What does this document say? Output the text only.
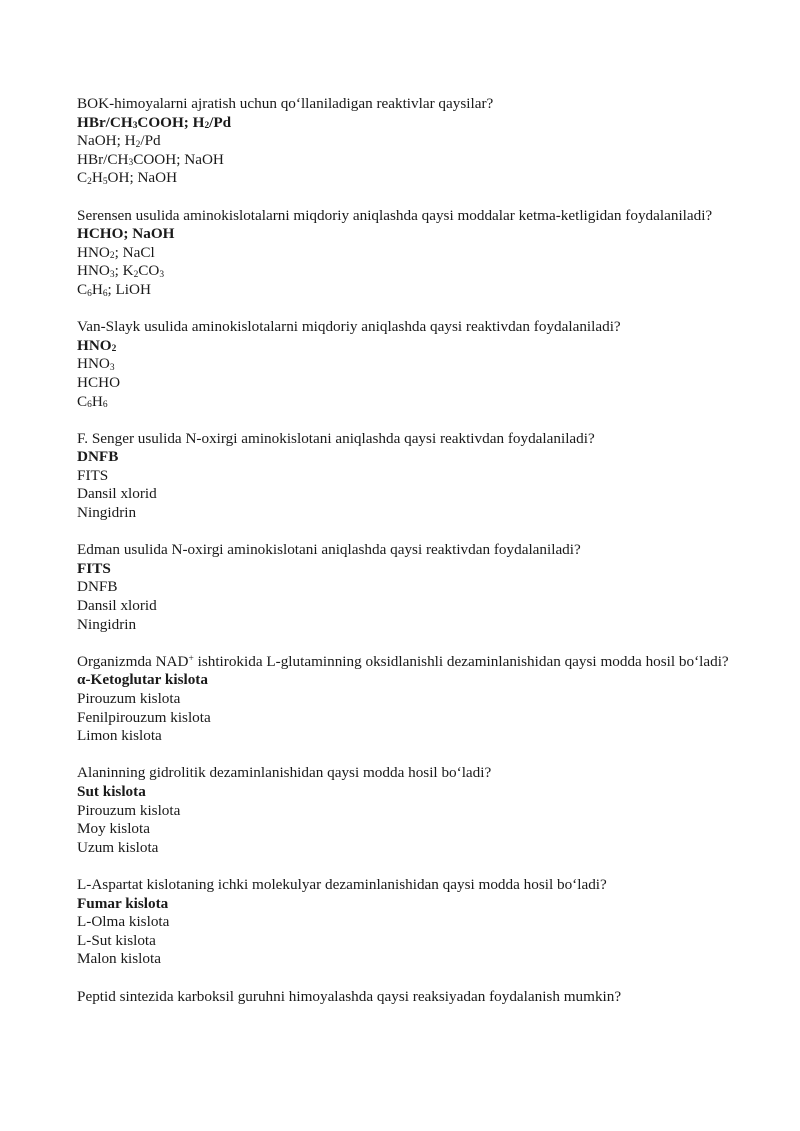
BOK-himoyalarni ajratish uchun qo‘llaniladigan reaktivlar qaysilar?

HBr/$CH_3COOH$; $H_2/Pd$

NaOH; $H_2/Pd$

HBr/$CH_3COOH$; NaOH

$C_2H_5OH$; NaOH

Serensen usulida aminokislotalarni miqdoriy aniqlashda qaysi moddalar ketma-ketligidan foydalaniladi?

HCHO; NaOH

$HNO_2$; NaCl

$HNO_3$; $K_2CO_3$

$C_6H_6$; LiOH

Van-Slayk usulida aminokislotalarni miqdoriy aniqlashda qaysi reaktivdan foydalaniladi?

$HNO_2$

$HNO_3$

HCHO

$C_6H_6$

F. Senger usulida N-oxirgi aminokislotani aniqlashda qaysi reaktivdan foydalaniladi?

DNFB

FITS

Dansil xlorid

Ningidrin

Edman usulida N-oxirgi aminokislotani aniqlashda qaysi reaktivdan foydalaniladi?

FITS

DNFB

Dansil xlorid

Ningidrin

Organizmda NAD+ ishtirokida L-glutaminning oksidlanishli dezaminlanishidan qaysi modda hosil bo‘ladi?

α-Ketoglutar kislota

Pirouzum kislota

Fenilpirouzum kislota

Limon kislota

Alaninning gidrolitik dezaminlanishidan qaysi modda hosil bo‘ladi?

Sut kislota

Pirouzum kislota

Moy kislota

Uzum kislota

L-Aspartat kislotaning ichki molekulyar dezaminlanishidan qaysi modda hosil bo‘ladi?

Fumar kislota

L-Olma kislota

L-Sut kislota

Malon kislota

Peptid sintezida karboksil guruhni himoyalashda qaysi reaksiyadan foydalanish mumkin?
